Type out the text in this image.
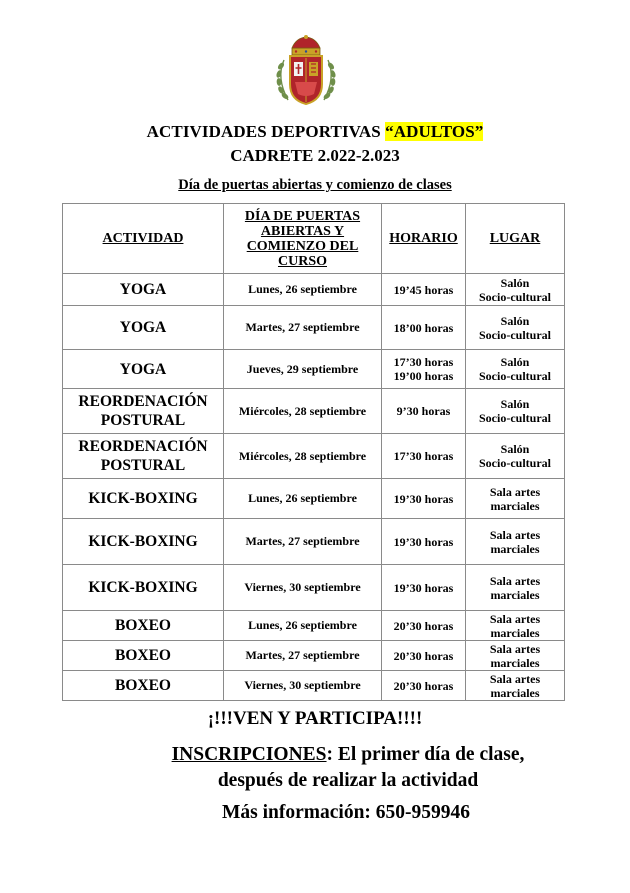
ACTIVIDADES DEPORTIVAS “ADULTOS”
CADRETE 2.022-2.023
Día de puertas abiertas y comienzo de clases
ACTIVIDAD	DÍA DE PUERTAS ABIERTAS Y COMIENZO DEL CURSO	HORARIO	LUGAR
YOGA	Lunes, 26 septiembre	19’45 horas	Salón
Socio-cultural
YOGA	Martes, 27 septiembre	18’00 horas	Salón
Socio-cultural
YOGA	Jueves, 29 septiembre	17’30 horas
19’00 horas	Salón
Socio-cultural
REORDENACIÓN POSTURAL	Miércoles, 28 septiembre	9’30 horas	Salón
Socio-cultural
REORDENACIÓN POSTURAL	Miércoles, 28 septiembre	17’30 horas	Salón
Socio-cultural
KICK-BOXING	Lunes, 26 septiembre	19’30 horas	Sala artes
marciales
KICK-BOXING	Martes, 27 septiembre	19’30 horas	Sala artes
marciales
KICK-BOXING	Viernes, 30 septiembre	19’30 horas	Sala artes
marciales
BOXEO	Lunes, 26 septiembre	20’30 horas	Sala artes
marciales
BOXEO	Martes, 27 septiembre	20’30 horas	Sala artes
marciales
BOXEO	Viernes, 30 septiembre	20’30 horas	Sala artes
marciales
¡!!!VEN Y PARTICIPA!!!!
INSCRIPCIONES: El primer día de clase,
después de realizar la actividad
Más información: 650-959946
